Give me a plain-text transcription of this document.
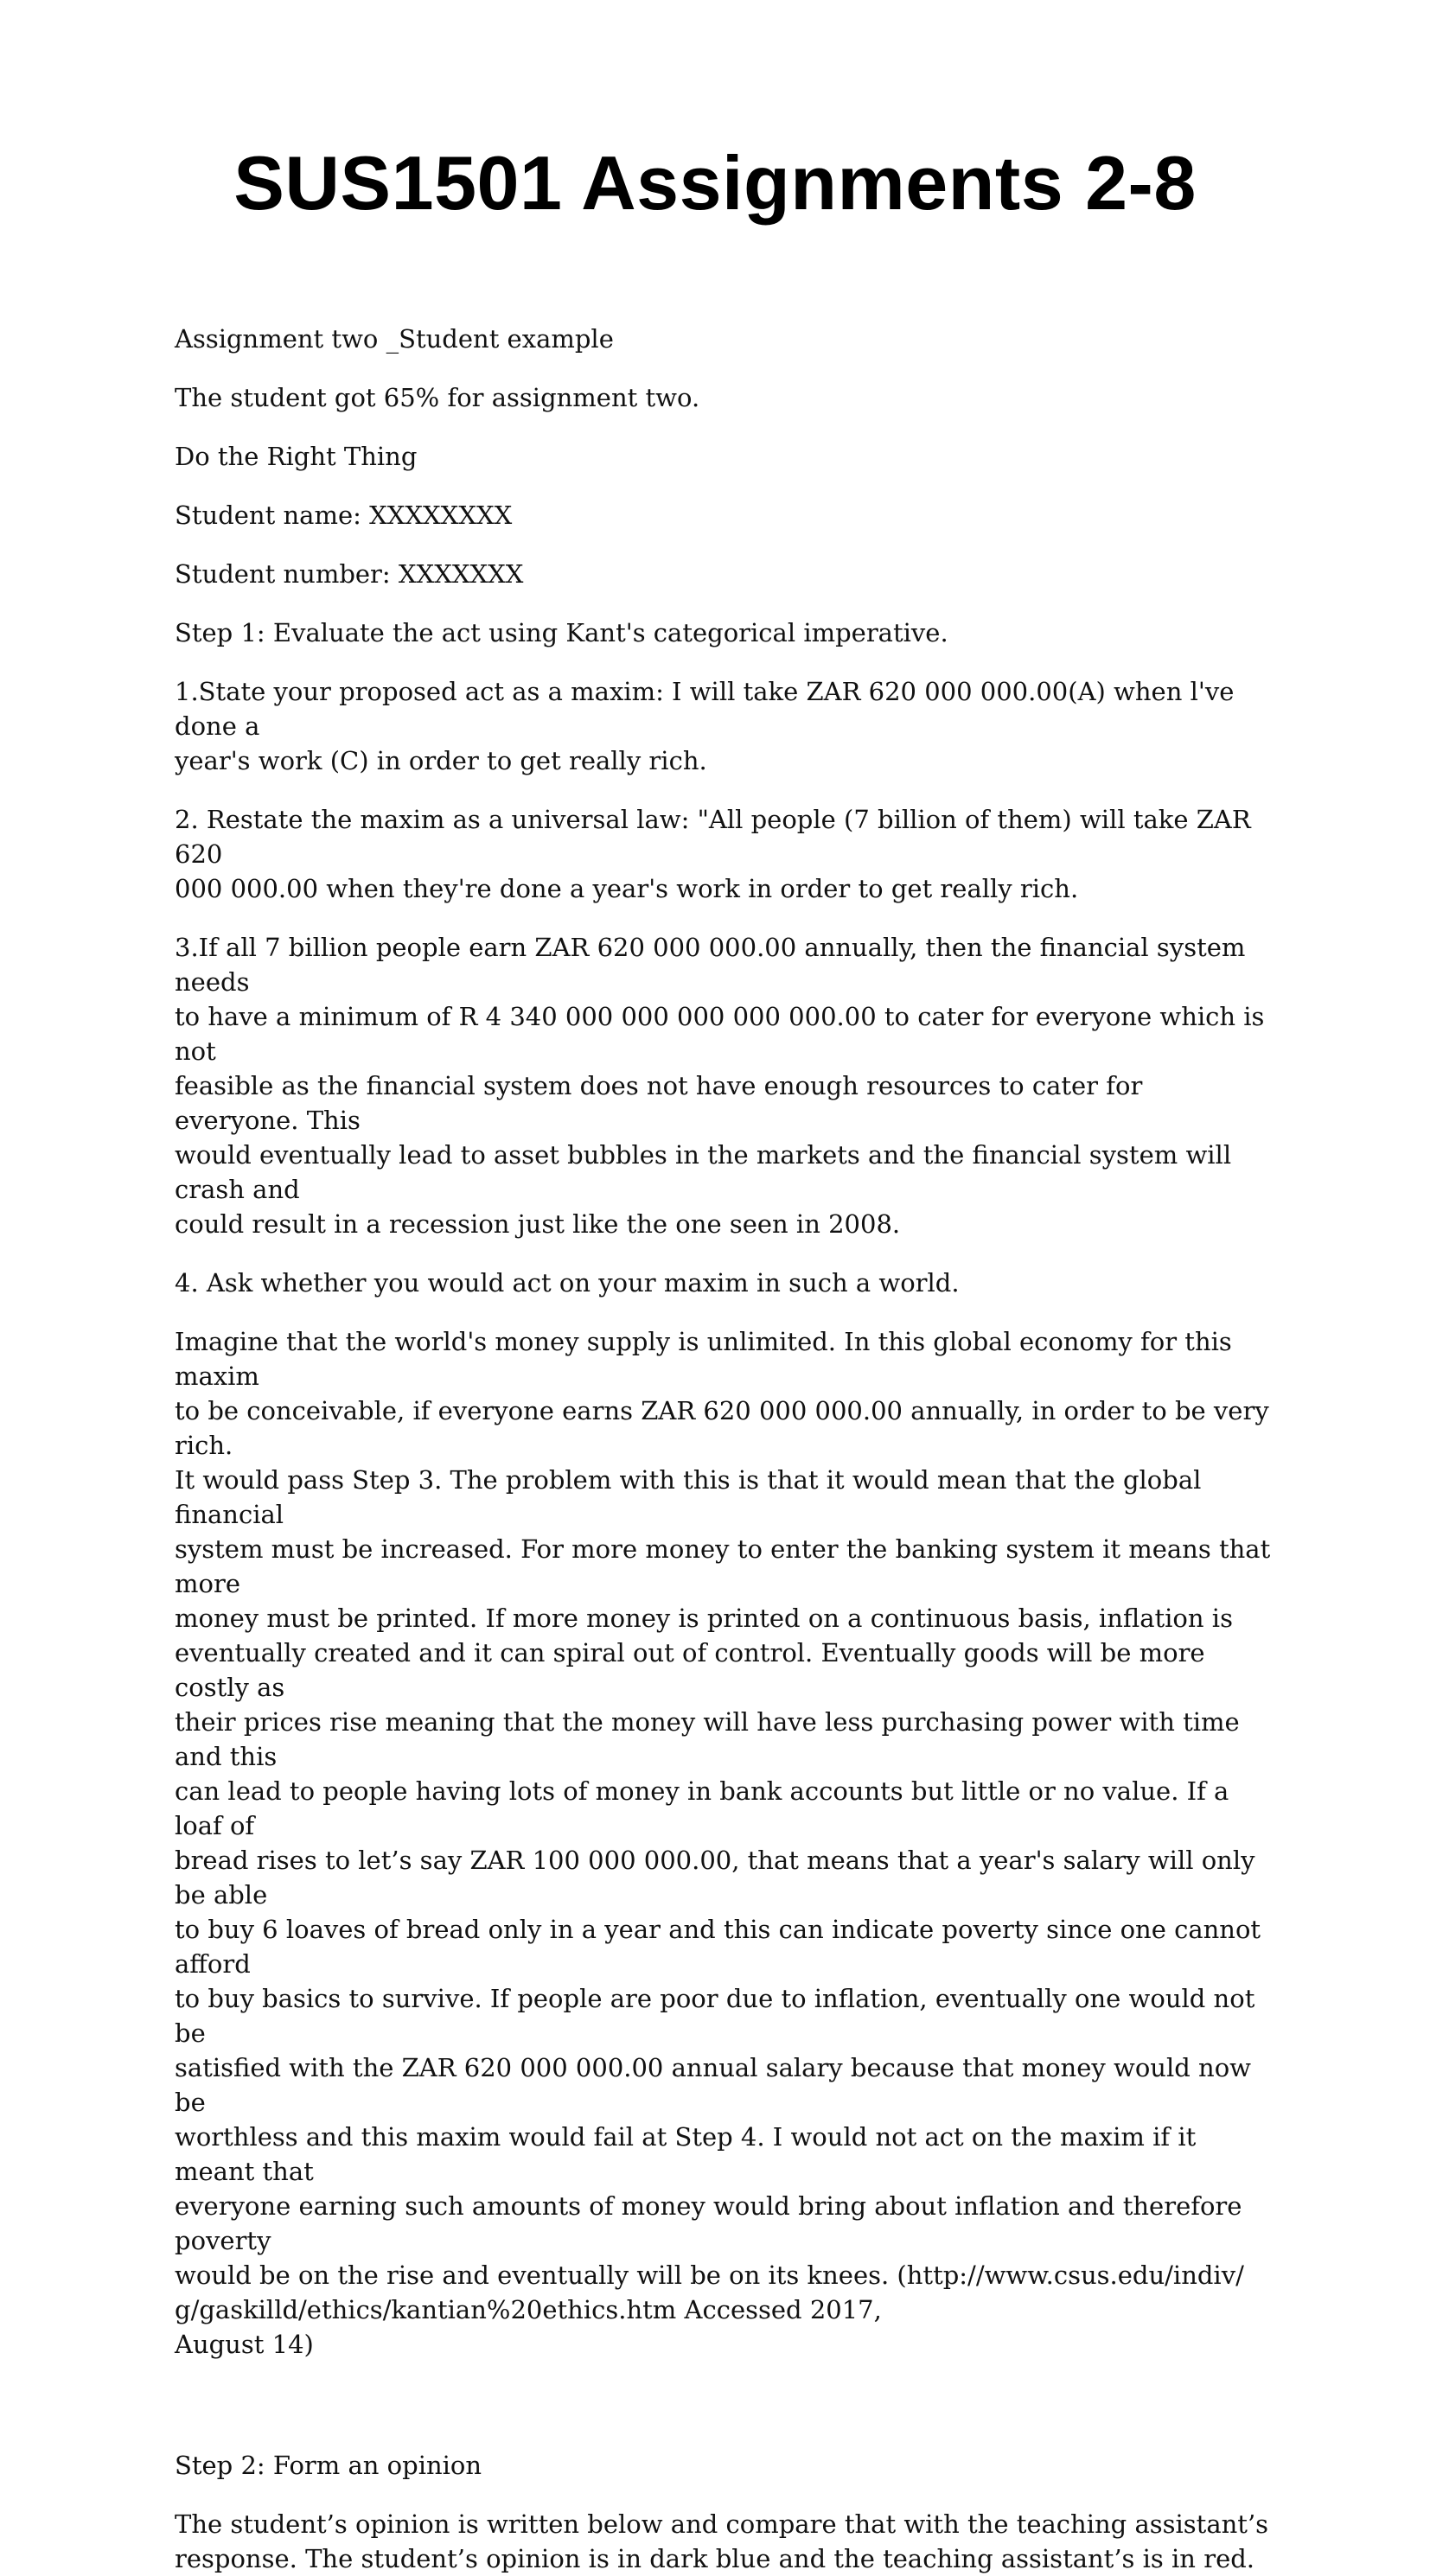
SUS1501 Assignments 2-8

Assignment two _Student example

The student got 65% for assignment two.

Do the Right Thing

Student name: XXXXXXXX

Student number: XXXXXXX

Step 1: Evaluate the act using Kant's categorical imperative.

1.State your proposed act as a maxim: I will take ZAR 620 000 000.00(A) when l've done a
year's work (C) in order to get really rich.

2. Restate the maxim as a universal law: "All people (7 billion of them) will take ZAR 620
000 000.00 when they're done a year's work in order to get really rich.

3.If all 7 billion people earn ZAR 620 000 000.00 annually, then the financial system needs
to have a minimum of R 4 340 000 000 000 000 000.00 to cater for everyone which is not
feasible as the financial system does not have enough resources to cater for everyone. This
would eventually lead to asset bubbles in the markets and the financial system will crash and
could result in a recession just like the one seen in 2008.

4. Ask whether you would act on your maxim in such a world.

Imagine that the world's money supply is unlimited. In this global economy for this maxim
to be conceivable, if everyone earns ZAR 620 000 000.00 annually, in order to be very rich.
It would pass Step 3. The problem with this is that it would mean that the global financial
system must be increased. For more money to enter the banking system it means that more
money must be printed. If more money is printed on a continuous basis, inflation is
eventually created and it can spiral out of control. Eventually goods will be more costly as
their prices rise meaning that the money will have less purchasing power with time and this
can lead to people having lots of money in bank accounts but little or no value. If a loaf of
bread rises to let’s say ZAR 100 000 000.00, that means that a year's salary will only be able
to buy 6 loaves of bread only in a year and this can indicate poverty since one cannot afford
to buy basics to survive. If people are poor due to inflation, eventually one would not be
satisfied with the ZAR 620 000 000.00 annual salary because that money would now be
worthless and this maxim would fail at Step 4. I would not act on the maxim if it meant that
everyone earning such amounts of money would bring about inflation and therefore poverty
would be on the rise and eventually will be on its knees. (http://www.csus.edu/indiv/
g/gaskilld/ethics/kantian%20ethics.htm Accessed 2017,
August 14)

Step 2: Form an opinion

The student’s opinion is written below and compare that with the teaching assistant’s
response. The student’s opinion is in dark blue and the teaching assistant’s is in red.
